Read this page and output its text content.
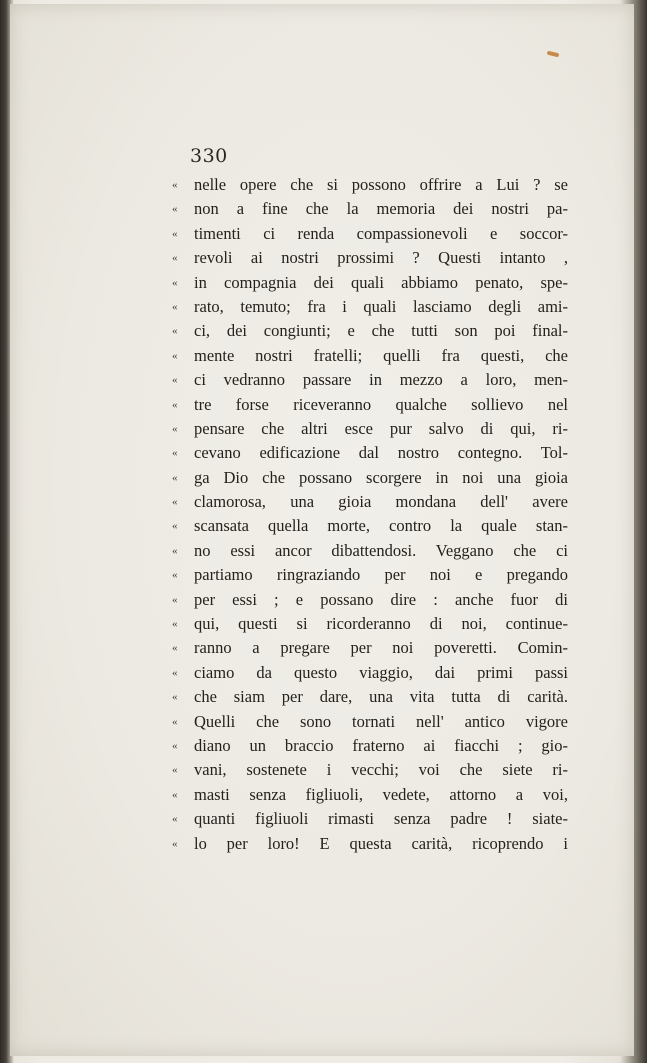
330
«	nelle opere che si possono offrire a Lui ? se
«	non a fine che la memoria dei nostri pa-
«	timenti ci renda compassionevoli e soccor-
«	revoli ai nostri prossimi ? Questi intanto ,
«	in compagnia dei quali abbiamo penato, spe-
«	rato, temuto; fra i quali lasciamo degli ami-
«	ci, dei congiunti; e che tutti son poi final-
«	mente nostri fratelli; quelli fra questi, che
«	ci vedranno passare in mezzo a loro, men-
«	tre forse riceveranno qualche sollievo nel
«	pensare che altri esce pur salvo di qui, ri-
«	cevano edificazione dal nostro contegno. Tol-
«	ga Dio che possano scorgere in noi una gioia
«	clamorosa, una gioia mondana dell' avere
«	scansata quella morte, contro la quale stan-
«	no essi ancor dibattendosi. Veggano che ci
«	partiamo ringraziando per noi e pregando
«	per essi ; e possano dire : anche fuor di
«	qui, questi si ricorderanno di noi, continue-
«	ranno a pregare per noi poveretti. Comin-
«	ciamo da questo viaggio, dai primi passi
«	che siam per dare, una vita tutta di carità.
«	Quelli che sono tornati nell' antico vigore
«	diano un braccio fraterno ai fiacchi ; gio-
«	vani, sostenete i vecchi; voi che siete ri-
«	masti senza figliuoli, vedete, attorno a voi,
«	quanti figliuoli rimasti senza padre ! siate-
«	lo per loro! E questa carità, ricoprendo i
